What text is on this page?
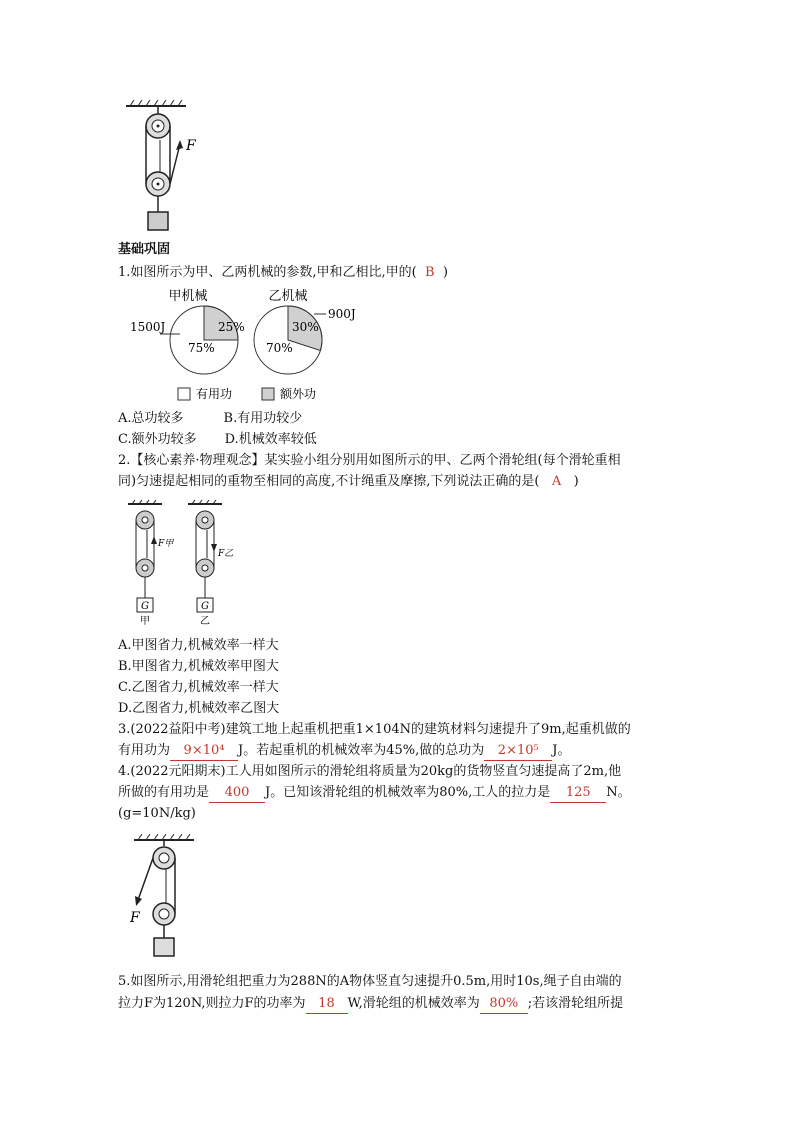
F
基础巩固
1.如图所示为甲、乙两机械的参数,甲和乙相比,甲的( B )
甲机械	乙机械
25%
75%
30%
70%
1500J
900J
有用功	额外功
A.总功较多	B.有用功较少
C.额外功较多 D.机械效率较低
2.【核心素养·物理观念】某实验小组分别用如图所示的甲、乙两个滑轮组(每个滑轮重相
同)匀速提起相同的重物至相同的高度,不计绳重及摩擦,下列说法正确的是( A )
G
F甲
甲
G
F乙
乙
A.甲图省力,机械效率一样大
B.甲图省力,机械效率甲图大
C.乙图省力,机械效率一样大
D.乙图省力,机械效率乙图大
3.(2022益阳中考)建筑工地上起重机把重1×104N的建筑材料匀速提升了9m,起重机做的
有用功为 9×10⁴ J。若起重机的机械效率为45%,做的总功为 2×10⁵ J。
4.(2022元阳期末)工人用如图所示的滑轮组将质量为20kg的货物竖直匀速提高了2m,他
所做的有用功是 400 J。已知该滑轮组的机械效率为80%,工人的拉力是 125 N。
(g=10N/kg)
F
5.如图所示,用滑轮组把重力为288N的A物体竖直匀速提升0.5m,用时10s,绳子自由端的
拉力F为120N,则拉力F的功率为 18 W,滑轮组的机械效率为 80% ;若该滑轮组所提
